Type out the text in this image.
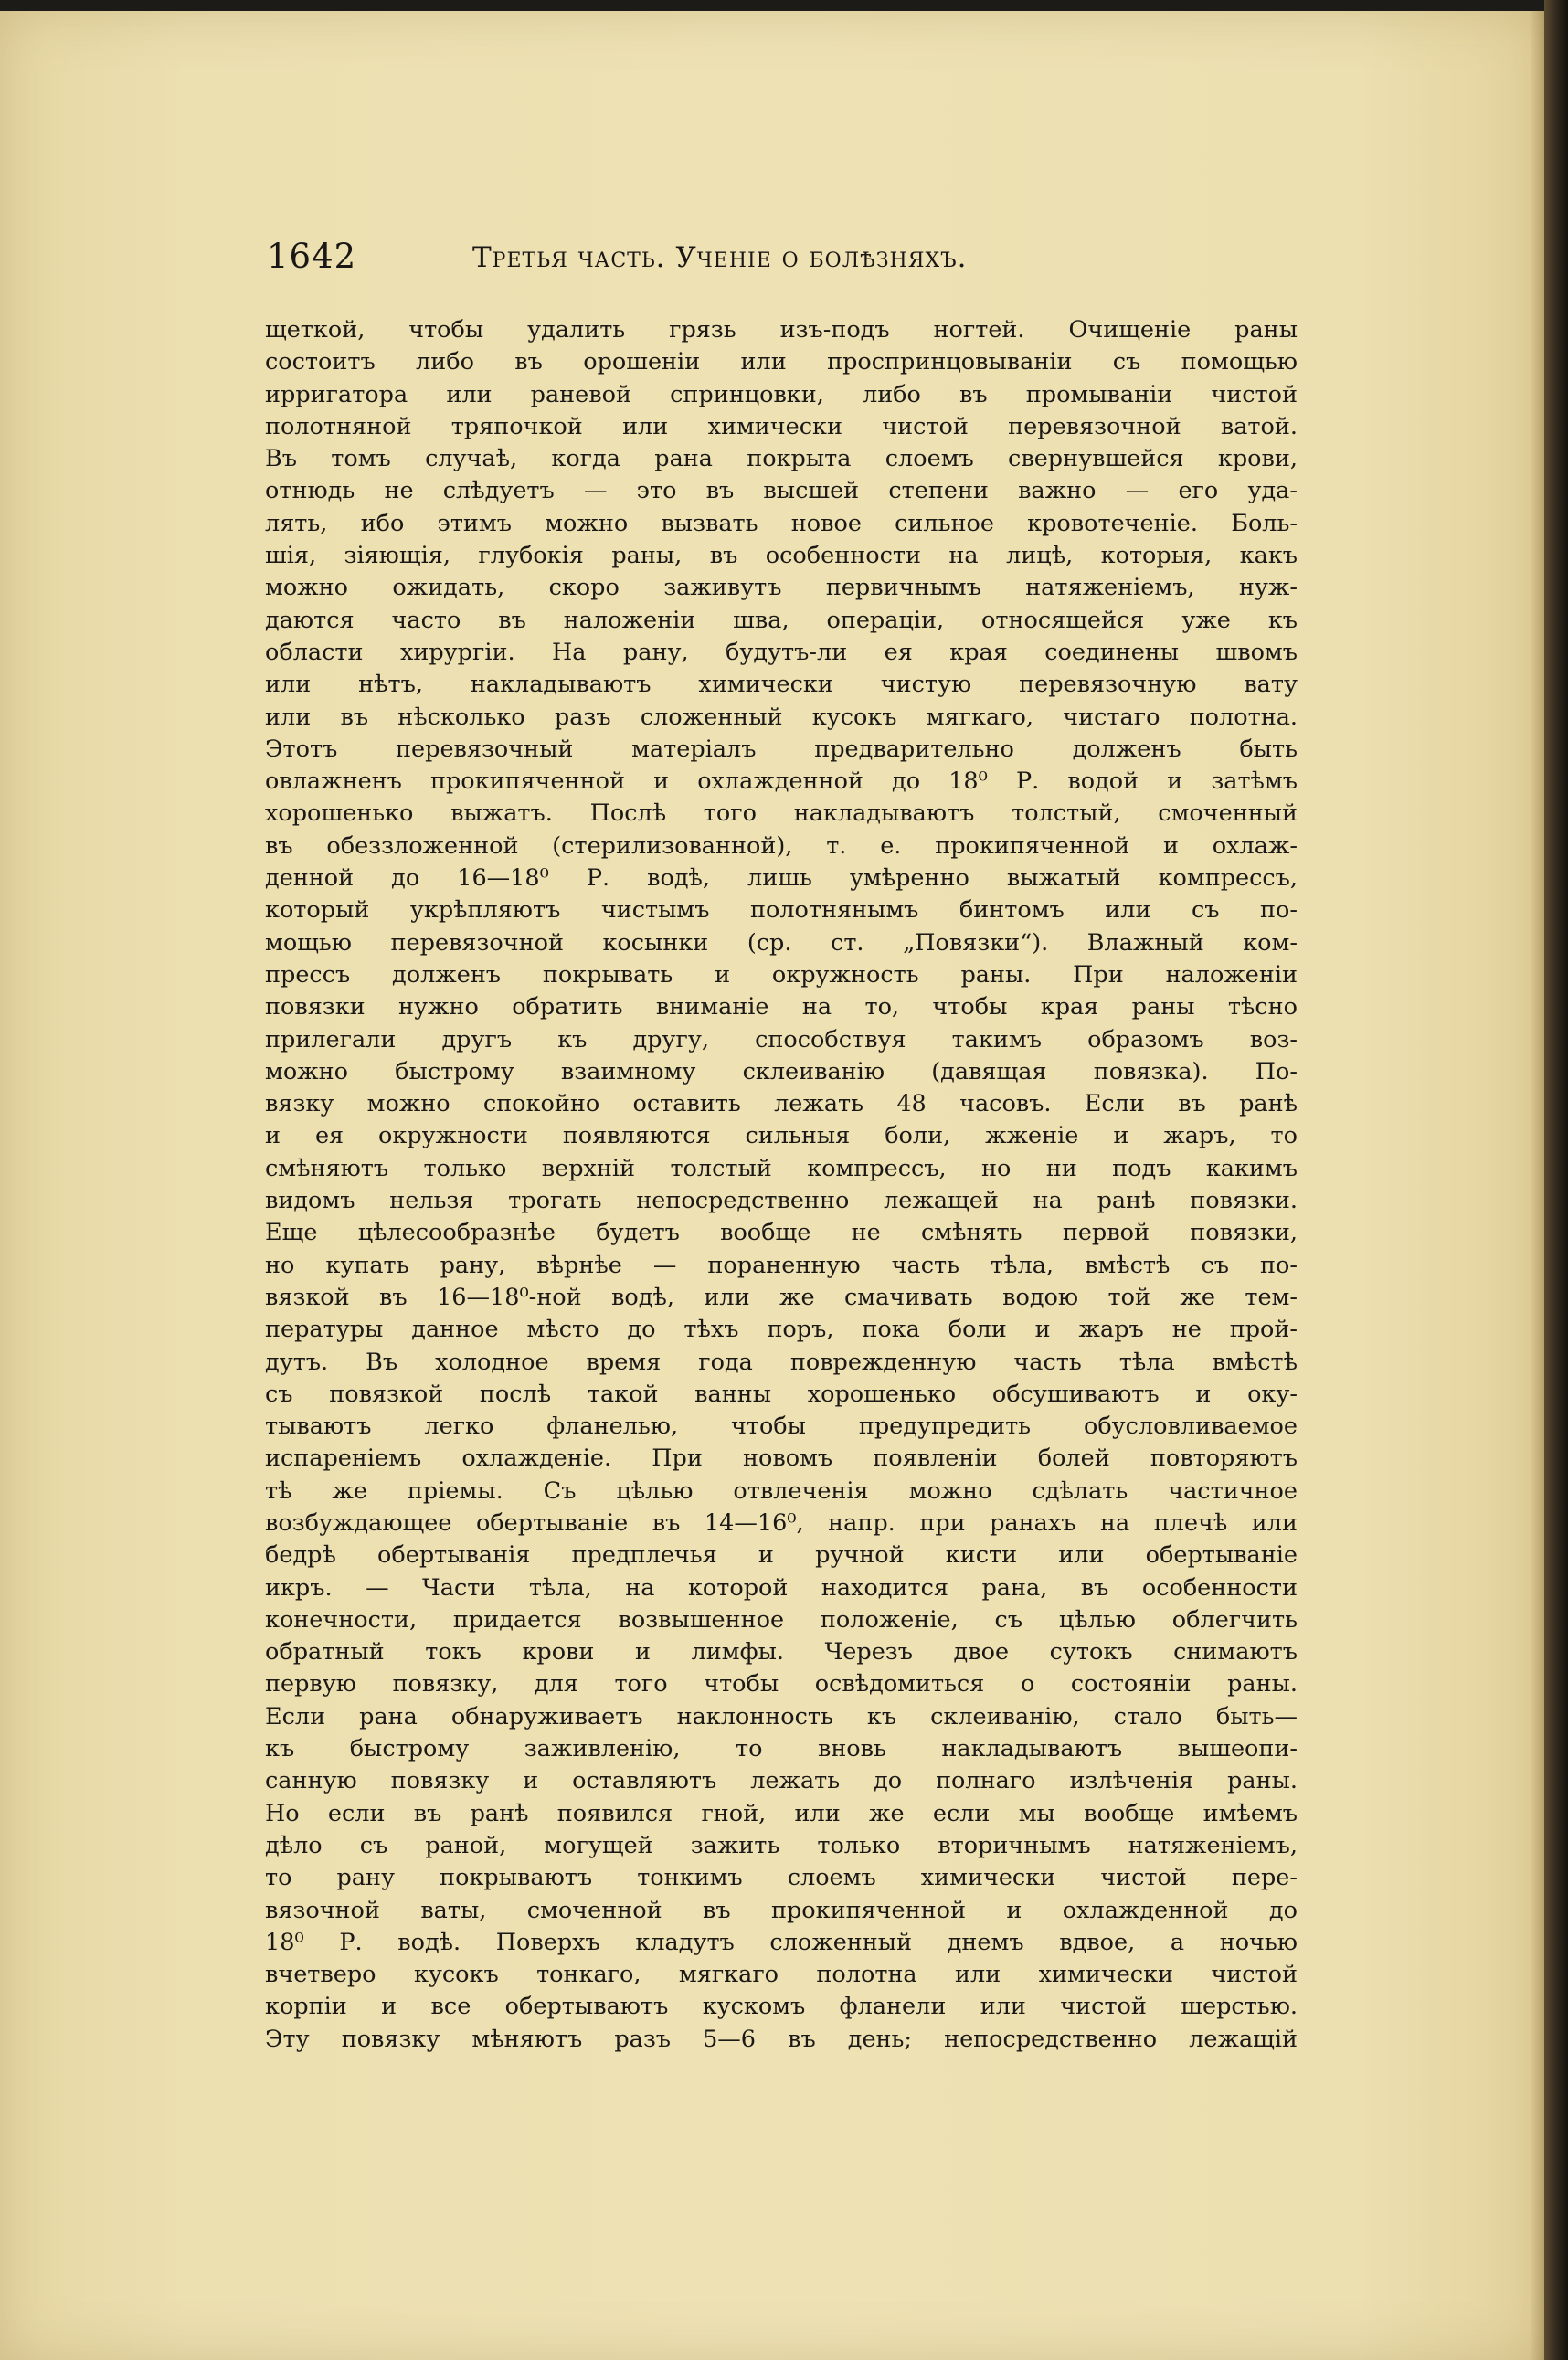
1642	Третья часть. Ученiе о болѣзняхъ.
щеткой, чтобы удалить грязь изъ-подъ ногтей. Очищенiе раны
состоитъ либо въ орошенiи или проспринцовыванiи съ помощью
ирригатора или раневой спринцовки, либо въ промыванiи чистой
полотняной тряпочкой или химически чистой перевязочной ватой.
Въ томъ случаѣ, когда рана покрыта слоемъ свернувшейся крови,
отнюдь не слѣдуетъ — это въ высшей степени важно — его уда-
лять, ибо этимъ можно вызвать новое сильное кровотеченiе. Боль-
шiя, зiяющiя, глубокiя раны, въ особенности на лицѣ, которыя, какъ
можно ожидать, скоро заживутъ первичнымъ натяженiемъ, нуж-
даются часто въ наложенiи шва, операцiи, относящейся уже къ
области хирургiи. На рану, будутъ-ли ея края соединены швомъ
или нѣтъ, накладываютъ химически чистую перевязочную вату
или въ нѣсколько разъ сложенный кусокъ мягкаго, чистаго полотна.
Этотъ перевязочный матерiалъ предварительно долженъ быть
овлажненъ прокипяченной и охлажденной до 18⁰ Р. водой и затѣмъ
хорошенько выжатъ. Послѣ того накладываютъ толстый, смоченный
въ обеззложенной (стерилизованной), т. е. прокипяченной и охлаж-
денной до 16—18⁰ Р. водѣ, лишь умѣренно выжатый компрессъ,
который укрѣпляютъ чистымъ полотнянымъ бинтомъ или съ по-
мощью перевязочной косынки (ср. ст. „Повязки“). Влажный ком-
прессъ долженъ покрывать и окружность раны. При наложенiи
повязки нужно обратить вниманiе на то, чтобы края раны тѣсно
прилегали другъ къ другу, способствуя такимъ образомъ воз-
можно быстрому взаимному склеиванiю (давящая повязка). По-
вязку можно спокойно оставить лежать 48 часовъ. Если въ ранѣ
и ея окружности появляются сильныя боли, жженiе и жаръ, то
смѣняютъ только верхнiй толстый компрессъ, но ни подъ какимъ
видомъ нельзя трогать непосредственно лежащей на ранѣ повязки.
Еще цѣлесообразнѣе будетъ вообще не смѣнять первой повязки,
но купать рану, вѣрнѣе — пораненную часть тѣла, вмѣстѣ съ по-
вязкой въ 16—18⁰-ной водѣ, или же смачивать водою той же тем-
пературы данное мѣсто до тѣхъ поръ, пока боли и жаръ не прой-
дутъ. Въ холодное время года поврежденную часть тѣла вмѣстѣ
съ повязкой послѣ такой ванны хорошенько обсушиваютъ и оку-
тываютъ легко фланелью, чтобы предупредить обусловливаемое
испаренiемъ охлажденiе. При новомъ появленiи болей повторяютъ
тѣ же прiемы. Съ цѣлью отвлеченiя можно сдѣлать частичное
возбуждающее обертыванiе въ 14—16⁰, напр. при ранахъ на плечѣ или
бедрѣ обертыванiя предплечья и ручной кисти или обертыванiе
икръ. — Части тѣла, на которой находится рана, въ особенности
конечности, придается возвышенное положенiе, съ цѣлью облегчить
обратный токъ крови и лимфы. Черезъ двое сутокъ снимаютъ
первую повязку, для того чтобы освѣдомиться о состоянiи раны.
Если рана обнаруживаетъ наклонность къ склеиванiю, стало быть—
къ быстрому заживленiю, то вновь накладываютъ вышеопи-
санную повязку и оставляютъ лежать до полнаго излѣченiя раны.
Но если въ ранѣ появился гной, или же если мы вообще имѣемъ
дѣло съ раной, могущей зажить только вторичнымъ натяженiемъ,
то рану покрываютъ тонкимъ слоемъ химически чистой пере-
вязочной ваты, смоченной въ прокипяченной и охлажденной до
18⁰ Р. водѣ. Поверхъ кладутъ сложенный днемъ вдвое, а ночью
вчетверо кусокъ тонкаго, мягкаго полотна или химически чистой
корпiи и все обертываютъ кускомъ фланели или чистой шерстью.
Эту повязку мѣняютъ разъ 5—6 въ день; непосредственно лежащiй
